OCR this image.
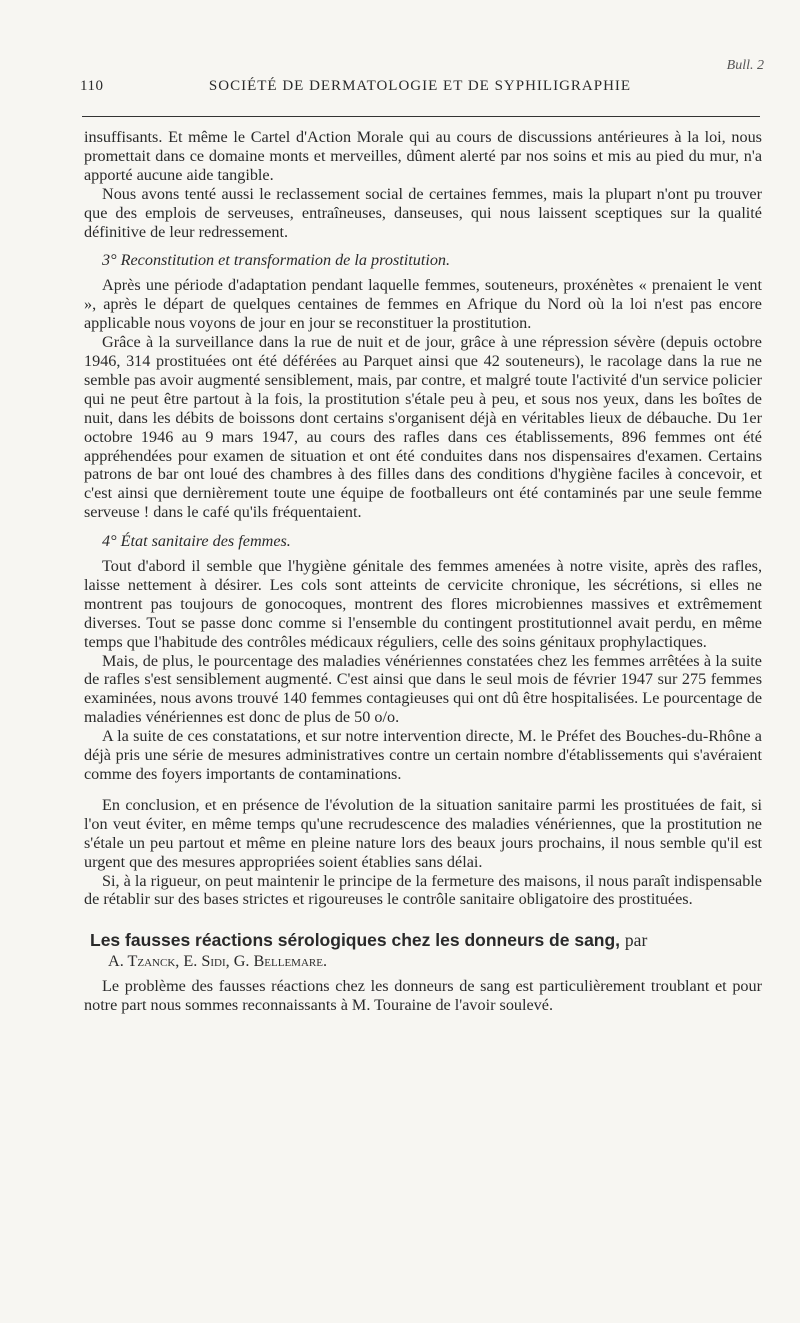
Bull. 2
110	SOCIÉTÉ DE DERMATOLOGIE ET DE SYPHILIGRAPHIE

insuffisants. Et même le Cartel d'Action Morale qui au cours de discussions antérieures à la loi, nous promettait dans ce domaine monts et merveilles, dûment alerté par nos soins et mis au pied du mur, n'a apporté aucune aide tangible.

Nous avons tenté aussi le reclassement social de certaines femmes, mais la plupart n'ont pu trouver que des emplois de serveuses, entraîneuses, danseuses, qui nous laissent sceptiques sur la qualité définitive de leur redressement.

3° Reconstitution et transformation de la prostitution.

Après une période d'adaptation pendant laquelle femmes, souteneurs, proxénètes « prenaient le vent », après le départ de quelques centaines de femmes en Afrique du Nord où la loi n'est pas encore applicable nous voyons de jour en jour se reconstituer la prostitution.

Grâce à la surveillance dans la rue de nuit et de jour, grâce à une répression sévère (depuis octobre 1946, 314 prostituées ont été déférées au Parquet ainsi que 42 souteneurs), le racolage dans la rue ne semble pas avoir augmenté sensiblement, mais, par contre, et malgré toute l'activité d'un service policier qui ne peut être partout à la fois, la prostitution s'étale peu à peu, et sous nos yeux, dans les boîtes de nuit, dans les débits de boissons dont certains s'organisent déjà en véritables lieux de débauche. Du 1er octobre 1946 au 9 mars 1947, au cours des rafles dans ces établissements, 896 femmes ont été appréhendées pour examen de situation et ont été conduites dans nos dispensaires d'examen. Certains patrons de bar ont loué des chambres à des filles dans des conditions d'hygiène faciles à concevoir, et c'est ainsi que dernièrement toute une équipe de footballeurs ont été contaminés par une seule femme serveuse ! dans le café qu'ils fréquentaient.

4° État sanitaire des femmes.

Tout d'abord il semble que l'hygiène génitale des femmes amenées à notre visite, après des rafles, laisse nettement à désirer. Les cols sont atteints de cervicite chronique, les sécrétions, si elles ne montrent pas toujours de gonocoques, montrent des flores microbiennes massives et extrêmement diverses. Tout se passe donc comme si l'ensemble du contingent prostitutionnel avait perdu, en même temps que l'habitude des contrôles médicaux réguliers, celle des soins génitaux prophylactiques.

Mais, de plus, le pourcentage des maladies vénériennes constatées chez les femmes arrêtées à la suite de rafles s'est sensiblement augmenté. C'est ainsi que dans le seul mois de février 1947 sur 275 femmes examinées, nous avons trouvé 140 femmes contagieuses qui ont dû être hospitalisées. Le pourcentage de maladies vénériennes est donc de plus de 50 o/o.

A la suite de ces constatations, et sur notre intervention directe, M. le Préfet des Bouches-du-Rhône a déjà pris une série de mesures administratives contre un certain nombre d'établissements qui s'avéraient comme des foyers importants de contaminations.

En conclusion, et en présence de l'évolution de la situation sanitaire parmi les prostituées de fait, si l'on veut éviter, en même temps qu'une recrudescence des maladies vénériennes, que la prostitution ne s'étale un peu partout et même en pleine nature lors des beaux jours prochains, il nous semble qu'il est urgent que des mesures appropriées soient établies sans délai.

Si, à la rigueur, on peut maintenir le principe de la fermeture des maisons, il nous paraît indispensable de rétablir sur des bases strictes et rigoureuses le contrôle sanitaire obligatoire des prostituées.

Les fausses réactions sérologiques chez les donneurs de sang, par
A. Tzanck, E. Sidi, G. Bellemare.

Le problème des fausses réactions chez les donneurs de sang est particulièrement troublant et pour notre part nous sommes reconnaissants à M. Touraine de l'avoir soulevé.
